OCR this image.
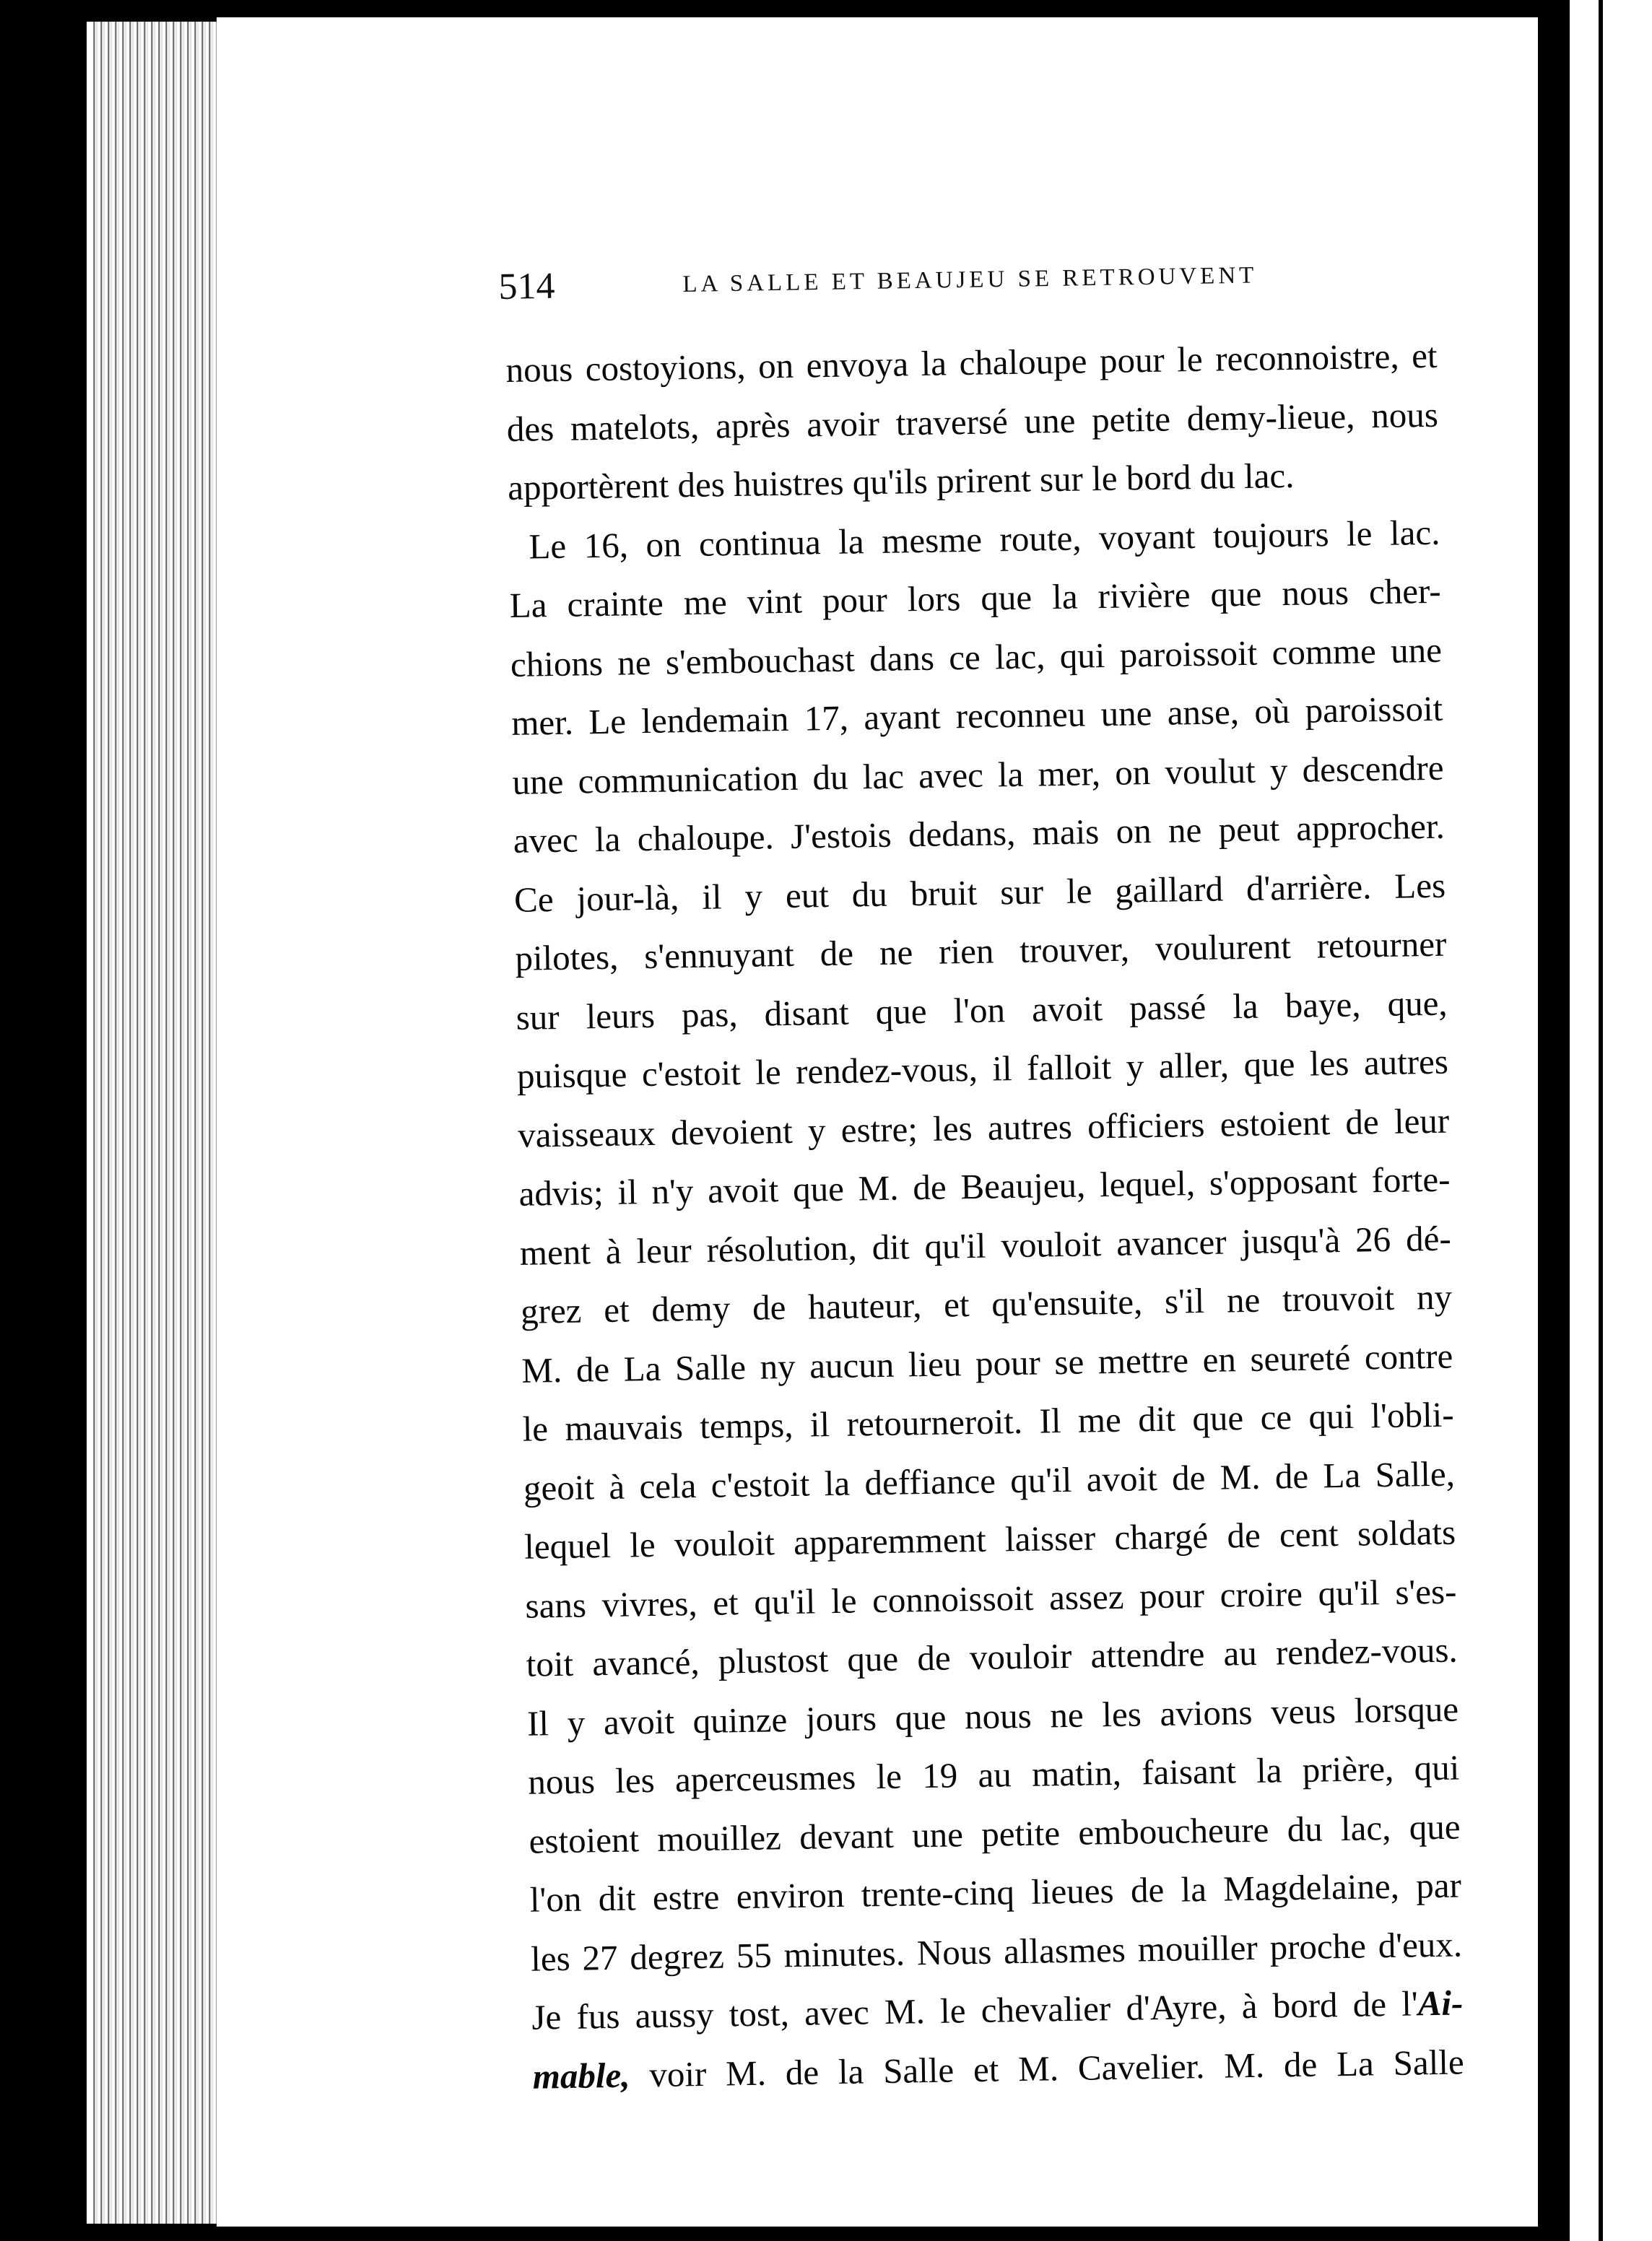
514	LA SALLE ET BEAUJEU SE RETROUVENT
nous costoyions, on envoya la chaloupe pour le reconnoistre, et
des matelots, après avoir traversé une petite demy-lieue, nous
apportèrent des huistres qu'ils prirent sur le bord du lac.
Le 16, on continua la mesme route, voyant toujours le lac.
La crainte me vint pour lors que la rivière que nous cher-
chions ne s'embouchast dans ce lac, qui paroissoit comme une
mer. Le lendemain 17, ayant reconneu une anse, où paroissoit
une communication du lac avec la mer, on voulut y descendre
avec la chaloupe. J'estois dedans, mais on ne peut approcher.
Ce jour-là, il y eut du bruit sur le gaillard d'arrière. Les
pilotes, s'ennuyant de ne rien trouver, voulurent retourner
sur leurs pas, disant que l'on avoit passé la baye, que,
puisque c'estoit le rendez-vous, il falloit y aller, que les autres
vaisseaux devoient y estre; les autres officiers estoient de leur
advis; il n'y avoit que M. de Beaujeu, lequel, s'opposant forte-
ment à leur résolution, dit qu'il vouloit avancer jusqu'à 26 dé-
grez et demy de hauteur, et qu'ensuite, s'il ne trouvoit ny
M. de La Salle ny aucun lieu pour se mettre en seureté contre
le mauvais temps, il retourneroit. Il me dit que ce qui l'obli-
geoit à cela c'estoit la deffiance qu'il avoit de M. de La Salle,
lequel le vouloit apparemment laisser chargé de cent soldats
sans vivres, et qu'il le connoissoit assez pour croire qu'il s'es-
toit avancé, plustost que de vouloir attendre au rendez-vous.
Il y avoit quinze jours que nous ne les avions veus lorsque
nous les aperceusmes le 19 au matin, faisant la prière, qui
estoient mouillez devant une petite emboucheure du lac, que
l'on dit estre environ trente-cinq lieues de la Magdelaine, par
les 27 degrez 55 minutes. Nous allasmes mouiller proche d'eux.
Je fus aussy tost, avec M. le chevalier d'Ayre, à bord de l'Ai-
mable, voir M. de la Salle et M. Cavelier. M. de La Salle
